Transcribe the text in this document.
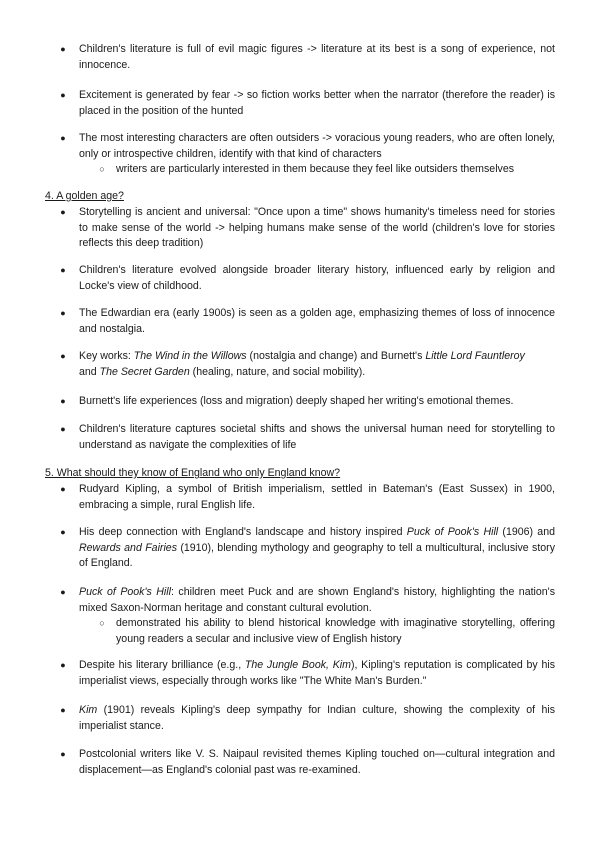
● Children's literature is full of evil magic figures -> literature at its best is a song of experience, not innocence.
● Excitement is generated by fear -> so fiction works better when the narrator (therefore the reader) is placed in the position of the hunted
● The most interesting characters are often outsiders -> voracious young readers, who are often lonely, only or introspective children, identify with that kind of characters
○ writers are particularly interested in them because they feel like outsiders themselves
4. A golden age?
● Storytelling is ancient and universal: "Once upon a time" shows humanity's timeless need for stories to make sense of the world -> helping humans make sense of the world (children's love for stories reflects this deep tradition)
● Children's literature evolved alongside broader literary history, influenced early by religion and Locke's view of childhood.
● The Edwardian era (early 1900s) is seen as a golden age, emphasizing themes of loss of innocence and nostalgia.
● Key works: The Wind in the Willows (nostalgia and change) and Burnett's Little Lord Fauntleroy
and The Secret Garden (healing, nature, and social mobility).
● Burnett's life experiences (loss and migration) deeply shaped her writing's emotional themes.
● Children's literature captures societal shifts and shows the universal human need for storytelling to understand as navigate the complexities of life
5. What should they know of England who only England know?
● Rudyard Kipling, a symbol of British imperialism, settled in Bateman's (East Sussex) in 1900, embracing a simple, rural English life.
● His deep connection with England's landscape and history inspired Puck of Pook's Hill (1906) and Rewards and Fairies (1910), blending mythology and geography to tell a multicultural, inclusive story of England.
● Puck of Pook's Hill: children meet Puck and are shown England's history, highlighting the nation's mixed Saxon-Norman heritage and constant cultural evolution.
○ demonstrated his ability to blend historical knowledge with imaginative storytelling, offering young readers a secular and inclusive view of English history
● Despite his literary brilliance (e.g., The Jungle Book, Kim), Kipling's reputation is complicated by his imperialist views, especially through works like "The White Man's Burden."
● Kim (1901) reveals Kipling's deep sympathy for Indian culture, showing the complexity of his imperialist stance.
● Postcolonial writers like V. S. Naipaul revisited themes Kipling touched on—cultural integration and displacement—as England's colonial past was re-examined.
